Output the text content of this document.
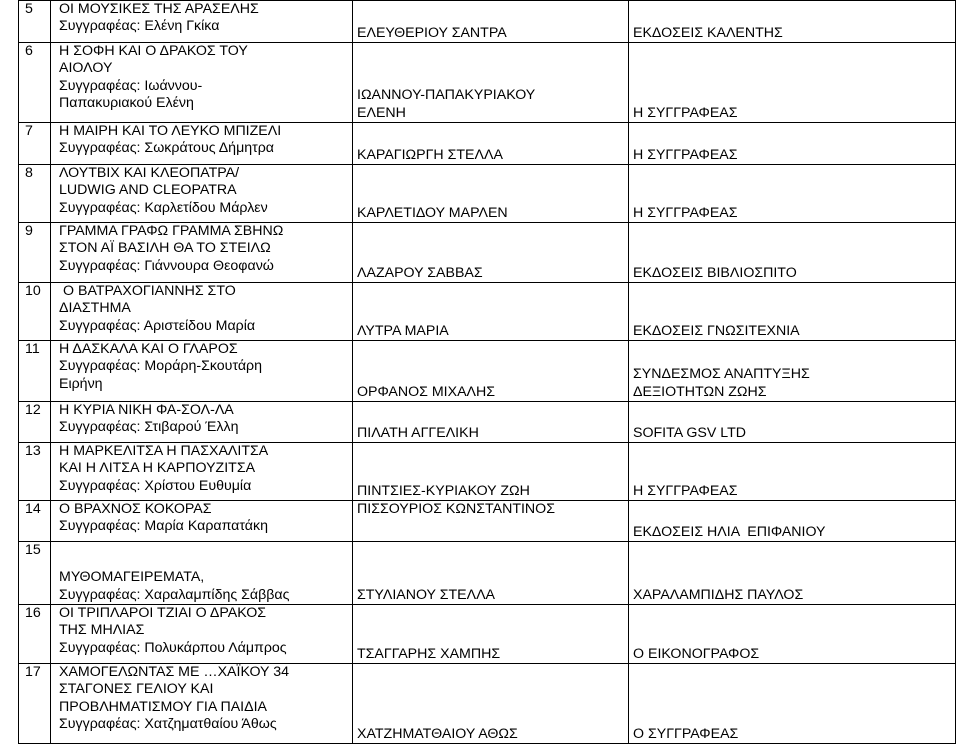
5	ΟΙ ΜΟΥΣΙΚΕΣ ΤΗΣ ΑΡΑΣΕΛΗΣ
Συγγραφέας: Ελένη Γκίκα	ΕΛΕΥΘΕΡΙΟΥ ΣΑΝΤΡΑ	ΕΚΔΟΣΕΙΣ ΚΑΛΕΝΤΗΣ

6	Η ΣΟΦΗ ΚΑΙ Ο ΔΡΑΚΟΣ ΤΟΥ
ΑΙΟΛΟΥ
Συγγραφέας: Ιωάννου-
Παπακυριακού Ελένη	ΙΩΑΝΝΟΥ-ΠΑΠΑΚΥΡΙΑΚΟΥ
ΕΛΕΝΗ	Η ΣΥΓΓΡΑΦΕΑΣ

7	Η ΜΑΙΡΗ ΚΑΙ ΤΟ ΛΕΥΚΟ ΜΠΙΖΕΛΙ
Συγγραφέας: Σωκράτους Δήμητρα	ΚΑΡΑΓΙΩΡΓΗ ΣΤΕΛΛΑ	Η ΣΥΓΓΡΑΦΕΑΣ

8	ΛΟΥΤΒΙΧ ΚΑΙ ΚΛΕΟΠΑΤΡΑ/
LUDWIG AND CLEOPATRA
Συγγραφέας: Καρλετίδου Μάρλεν	ΚΑΡΛΕΤΙΔΟΥ ΜΑΡΛΕΝ	Η ΣΥΓΓΡΑΦΕΑΣ

9	ΓΡΑΜΜΑ ΓΡΑΦΩ ΓΡΑΜΜΑ ΣΒΗΝΩ
ΣΤΟΝ ΑΪ ΒΑΣΙΛΗ ΘΑ ΤΟ ΣΤΕΙΛΩ
Συγγραφέας: Γιάννουρα Θεοφανώ	ΛΑΖΑΡΟΥ ΣΑΒΒΑΣ	ΕΚΔΟΣΕΙΣ ΒΙΒΛΙΟΣΠΙΤΟ

10	Ο ΒΑΤΡΑΧΟΓΙΑΝΝΗΣ ΣΤΟ
ΔΙΑΣΤΗΜΑ
Συγγραφέας: Αριστείδου Μαρία	ΛΥΤΡΑ ΜΑΡΙΑ	ΕΚΔΟΣΕΙΣ ΓΝΩΣΙΤΕΧΝΙΑ

11	Η ΔΑΣΚΑΛΑ ΚΑΙ Ο ΓΛΑΡΟΣ
Συγγραφέας: Μοράρη-Σκουτάρη
Ειρήνη	ΟΡΦΑΝΟΣ ΜΙΧΑΛΗΣ	ΣΥΝΔΕΣΜΟΣ ΑΝΑΠΤΥΞΗΣ
ΔΕΞΙΟΤΗΤΩΝ ΖΩΗΣ

12	Η ΚΥΡΙΑ ΝΙΚΗ ΦΑ-ΣΟΛ-ΛΑ
Συγγραφέας: Στιβαρού Έλλη	ΠΙΛΑΤΗ ΑΓΓΕΛΙΚΗ	SOFITA GSV LTD

13	Η ΜΑΡΚΕΛΙΤΣΑ Η ΠΑΣΧΑΛΙΤΣΑ
ΚΑΙ Η ΛΙΤΣΑ Η ΚΑΡΠΟΥΖΙΤΣΑ
Συγγραφέας: Χρίστου Ευθυμία	ΠΙΝΤΣΙΕΣ-ΚΥΡΙΑΚΟΥ ΖΩΗ	Η ΣΥΓΓΡΑΦΕΑΣ

14	Ο ΒΡΑΧΝΟΣ ΚΟΚΟΡΑΣ
Συγγραφέας: Μαρία Καραπατάκη	ΠΙΣΣΟΥΡΙΟΣ ΚΩΝΣΤΑΝΤΙΝΟΣ	ΕΚΔΟΣΕΙΣ ΗΛΙΑ  ΕΠΙΦΑΝΙΟΥ

15	ΜΥΘΟΜΑΓΕΙΡΕΜΑΤΑ,
Συγγραφέας: Χαραλαμπίδης Σάββας	ΣΤΥΛΙΑΝΟΥ ΣΤΕΛΛΑ	ΧΑΡΑΛΑΜΠΙΔΗΣ ΠΑΥΛΟΣ

16	ΟΙ ΤΡΙΠΛΑΡΟΙ ΤΖΙΑΙ Ο ΔΡΑΚΟΣ
ΤΗΣ ΜΗΛΙΑΣ
Συγγραφέας: Πολυκάρπου Λάμπρος	ΤΣΑΓΓΑΡΗΣ ΧΑΜΠΗΣ	Ο ΕΙΚΟΝΟΓΡΑΦΟΣ

17	ΧΑΜΟΓΕΛΩΝΤΑΣ ΜΕ …ΧΑΪΚΟΥ 34
ΣΤΑΓΟΝΕΣ ΓΕΛΙΟΥ ΚΑΙ
ΠΡΟΒΛΗΜΑΤΙΣΜΟΥ ΓΙΑ ΠΑΙΔΙΑ
Συγγραφέας: Χατζηματθαίου Άθως	ΧΑΤΖΗΜΑΤΘΑΙΟΥ ΑΘΩΣ	Ο ΣΥΓΓΡΑΦΕΑΣ
